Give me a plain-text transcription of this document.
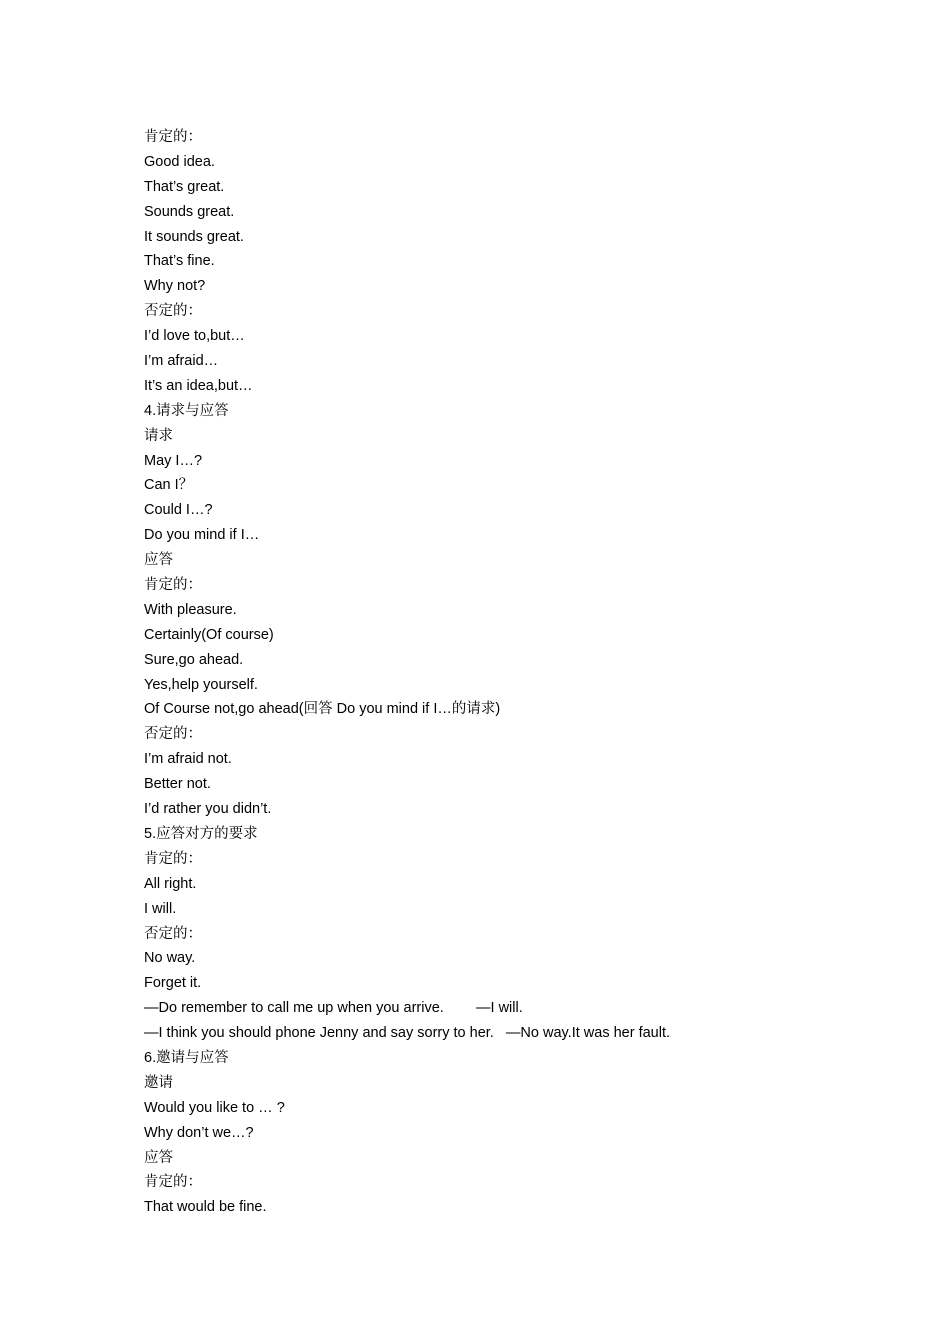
肯定的：
Good idea.
That’s great.
Sounds great.
It sounds great.
That’s fine.
Why not?
否定的：
I’d love to,but…
I’m afraid…
It’s an idea,but…
4.请求与应答
请求
May I…?
Can I？
Could I…?
Do you mind if I…
应答
肯定的：
With pleasure.
Certainly(Of course)
Sure,go ahead.
Yes,help yourself.
Of Course not,go ahead(回答 Do you mind if I…的请求)
否定的：
I’m afraid not.
Better not.
I’d rather you didn’t.
5.应答对方的要求
肯定的：
All right.
I will.
否定的：
No way.
Forget it.
—Do remember to call me up when you arrive.        —I will.
—I think you should phone Jenny and say sorry to her.   —No way.It was her fault.
6.邀请与应答
邀请
Would you like to … ?
Why don’t we…?
应答
肯定的：
That would be fine.
